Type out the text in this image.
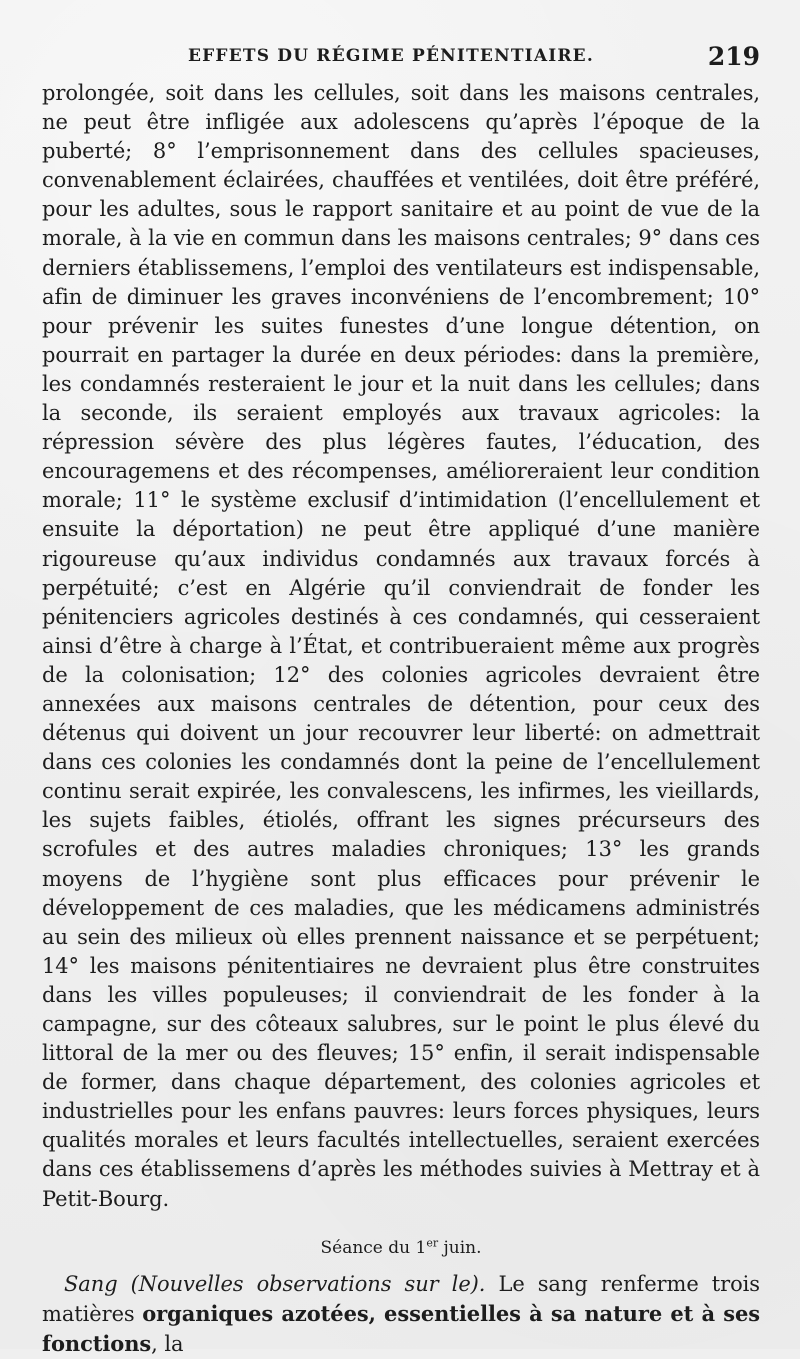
EFFETS DU RÉGIME PÉNITENTIAIRE.	219

prolongée, soit dans les cellules, soit dans les maisons centrales, ne peut être infligée aux adolescens qu’après l’époque de la puberté; 8° l’emprisonnement dans des cellules spacieuses, convenablement éclairées, chauffées et ventilées, doit être préféré, pour les adultes, sous le rapport sanitaire et au point de vue de la morale, à la vie en commun dans les maisons centrales; 9° dans ces derniers établissemens, l’emploi des ventilateurs est indispensable, afin de diminuer les graves inconvéniens de l’encombrement; 10° pour prévenir les suites funestes d’une longue détention, on pourrait en partager la durée en deux périodes: dans la première, les condamnés resteraient le jour et la nuit dans les cellules; dans la seconde, ils seraient employés aux travaux agricoles: la répression sévère des plus légères fautes, l’éducation, des encouragemens et des récompenses, amélioreraient leur condition morale; 11° le système exclusif d’intimidation (l’encellulement et ensuite la déportation) ne peut être appliqué d’une manière rigoureuse qu’aux individus condamnés aux travaux forcés à perpétuité; c’est en Algérie qu’il conviendrait de fonder les pénitenciers agricoles destinés à ces condamnés, qui cesseraient ainsi d’être à charge à l’État, et contribueraient même aux progrès de la colonisation; 12° des colonies agricoles devraient être annexées aux maisons centrales de détention, pour ceux des détenus qui doivent un jour recouvrer leur liberté: on admettrait dans ces colonies les condamnés dont la peine de l’encellulement continu serait expirée, les convalescens, les infirmes, les vieillards, les sujets faibles, étiolés, offrant les signes précurseurs des scrofules et des autres maladies chroniques; 13° les grands moyens de l’hygiène sont plus efficaces pour prévenir le développement de ces maladies, que les médicamens administrés au sein des milieux où elles prennent naissance et se perpétuent; 14° les maisons pénitentiaires ne devraient plus être construites dans les villes populeuses; il conviendrait de les fonder à la campagne, sur des côteaux salubres, sur le point le plus élevé du littoral de la mer ou des fleuves; 15° enfin, il serait indispensable de former, dans chaque département, des colonies agricoles et industrielles pour les enfans pauvres: leurs forces physiques, leurs qualités morales et leurs facultés intellectuelles, seraient exercées dans ces établissemens d’après les méthodes suivies à Mettray et à Petit-Bourg.

Séance du 1er juin.
Sang (Nouvelles observations sur le). Le sang renferme trois matières organiques azotées, essentielles à sa nature et à ses fonctions, la
